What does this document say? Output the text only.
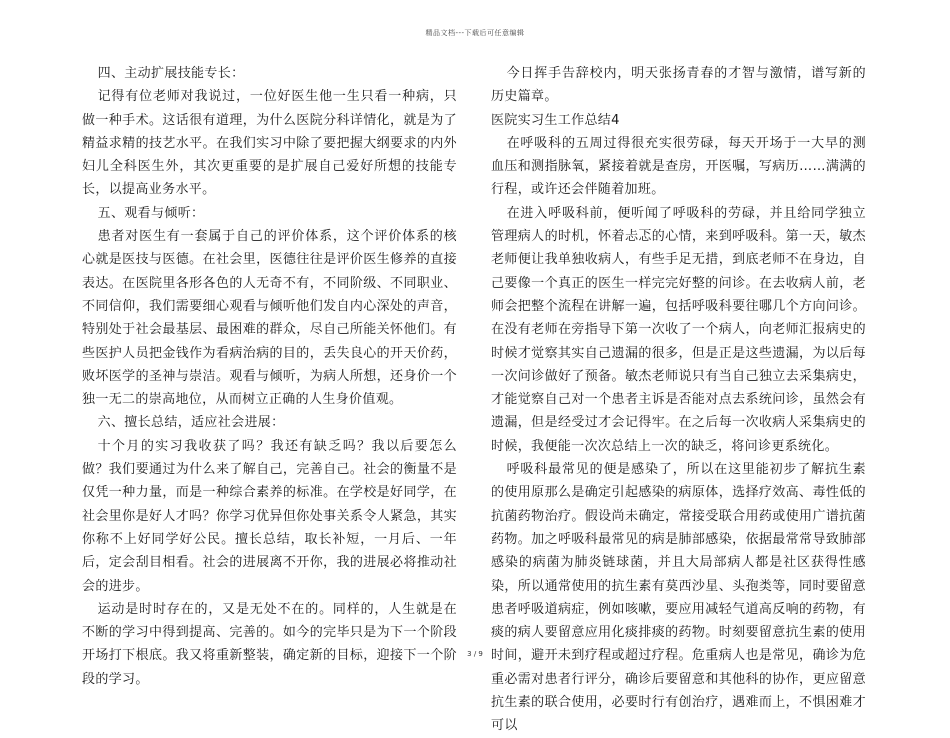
精品文档---下载后可任意编辑

四、主动扩展技能专长：

记得有位老师对我说过，一位好医生他一生只看一种病，只做一种手术。这话很有道理，为什么医院分科详情化，就是为了精益求精的技艺水平。在我们实习中除了要把握大纲要求的内外妇儿全科医生外，其次更重要的是扩展自己爱好所想的技能专长，以提高业务水平。

五、观看与倾听：

患者对医生有一套属于自己的评价体系，这个评价体系的核心就是医技与医德。在社会里，医德往往是评价医生修养的直接表达。在医院里各形各色的人无奇不有，不同阶级、不同职业、不同信仰，我们需要细心观看与倾听他们发自内心深处的声音，特别处于社会最基层、最困难的群众，尽自己所能关怀他们。有些医护人员把金钱作为看病治病的目的，丢失良心的开天价药，败坏医学的圣神与崇洁。观看与倾听，为病人所想，还身价一个独一无二的崇高地位，从而树立正确的人生身价值观。

六、擅长总结，适应社会进展：

十个月的实习我收获了吗？我还有缺乏吗？我以后要怎么做？我们要通过为什么来了解自己，完善自己。社会的衡量不是仅凭一种力量，而是一种综合素养的标准。在学校是好同学，在社会里你是好人才吗？你学习优异但你处事关系令人紧急，其实你称不上好同学好公民。擅长总结，取长补短，一月后、一年后，定会刮目相看。社会的进展离不开你，我的进展必将推动社会的进步。

运动是时时存在的，又是无处不在的。同样的，人生就是在不断的学习中得到提高、完善的。如今的完毕只是为下一个阶段开场打下根底。我又将重新整装，确定新的目标，迎接下一个阶段的学习。

今日挥手告辞校内，明天张扬青春的才智与激情，谱写新的历史篇章。

医院实习生工作总结4

在呼吸科的五周过得很充实很劳碌，每天开场于一大早的测血压和测指脉氧，紧接着就是查房，开医嘱，写病历……满满的行程，或许还会伴随着加班。

在进入呼吸科前，便听闻了呼吸科的劳碌，并且给同学独立管理病人的时机，怀着忐忑的心情，来到呼吸科。第一天，敏杰老师便让我单独收病人，有些手足无措，到底老师不在身边，自己要像一个真正的医生一样完完好整的问诊。在去收病人前，老师会把整个流程在讲解一遍，包括呼吸科要往哪几个方向问诊。在没有老师在旁指导下第一次收了一个病人，向老师汇报病史的时候才觉察其实自己遗漏的很多，但是正是这些遗漏，为以后每一次问诊做好了预备。敏杰老师说只有当自己独立去采集病史，才能觉察自己对一个患者主诉是否能对点去系统问诊，虽然会有遗漏，但是经受过才会记得牢。在之后每一次收病人采集病史的时候，我便能一次次总结上一次的缺乏，将问诊更系统化。

呼吸科最常见的便是感染了，所以在这里能初步了解抗生素的使用原那么是确定引起感染的病原体，选择疗效高、毒性低的抗菌药物治疗。假设尚未确定，常接受联合用药或使用广谱抗菌药物。加之呼吸科最常见的病是肺部感染，依据最常常导致肺部感染的病菌为肺炎链球菌，并且大局部病人都是社区获得性感染，所以通常使用的抗生素有莫西沙星、头孢类等，同时要留意患者呼吸道病症，例如咳嗽，要应用减轻气道高反响的药物，有痰的病人要留意应用化痰排痰的药物。时刻要留意抗生素的使用时间，避开未到疗程或超过疗程。危重病人也是常见，确诊为危重必需对患者行评分，确诊后要留意和其他科的协作，更应留意抗生素的联合使用，必要时行有创治疗，遇难而上，不惧困难才可以

3 / 9
